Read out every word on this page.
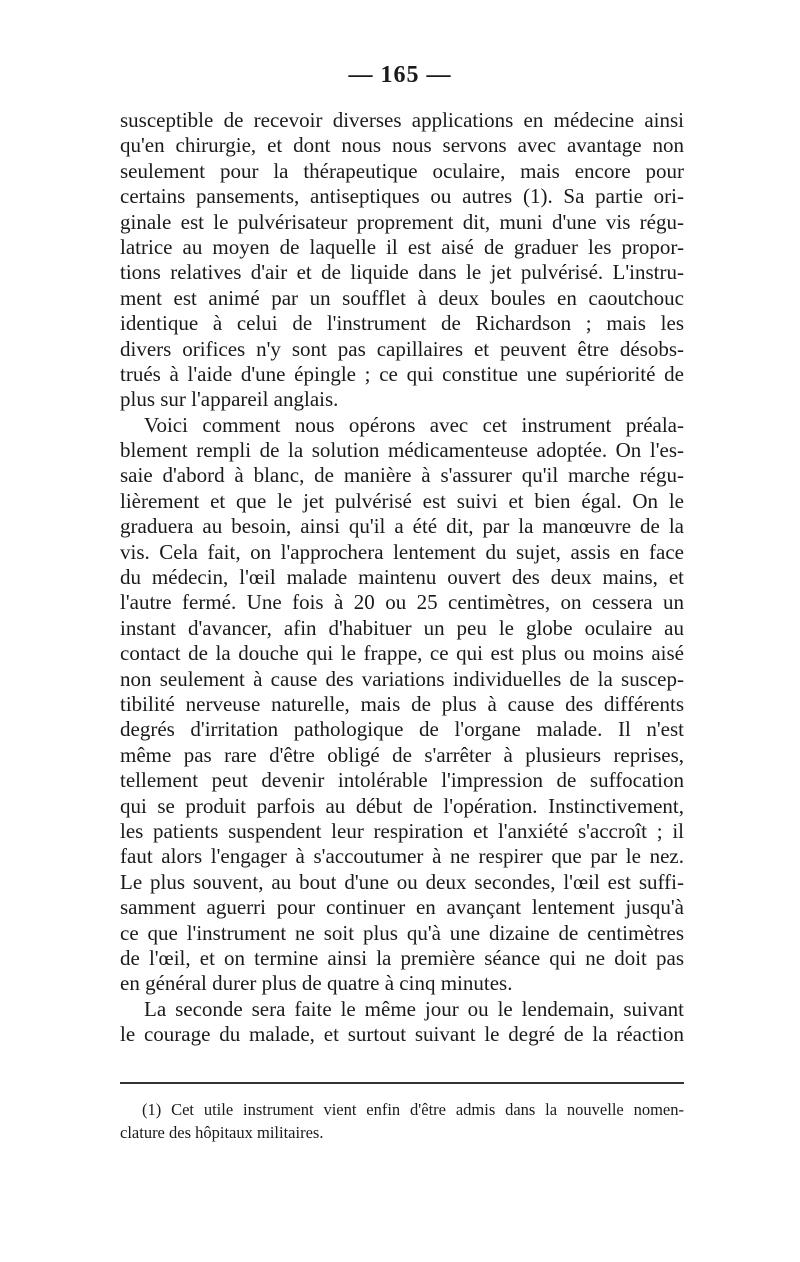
— 165 —
susceptible de recevoir diverses applications en médecine ainsi
qu'en chirurgie, et dont nous nous servons avec avantage non
seulement pour la thérapeutique oculaire, mais encore pour
certains pansements, antiseptiques ou autres (1). Sa partie ori-
ginale est le pulvérisateur proprement dit, muni d'une vis régu-
latrice au moyen de laquelle il est aisé de graduer les propor-
tions relatives d'air et de liquide dans le jet pulvérisé. L'instru-
ment est animé par un soufflet à deux boules en caoutchouc
identique à celui de l'instrument de Richardson ; mais les
divers orifices n'y sont pas capillaires et peuvent être désobs-
trués à l'aide d'une épingle ; ce qui constitue une supériorité de
plus sur l'appareil anglais.
Voici comment nous opérons avec cet instrument préala-
blement rempli de la solution médicamenteuse adoptée. On l'es-
saie d'abord à blanc, de manière à s'assurer qu'il marche régu-
lièrement et que le jet pulvérisé est suivi et bien égal. On le
graduera au besoin, ainsi qu'il a été dit, par la manœuvre de la
vis. Cela fait, on l'approchera lentement du sujet, assis en face
du médecin, l'œil malade maintenu ouvert des deux mains, et
l'autre fermé. Une fois à 20 ou 25 centimètres, on cessera un
instant d'avancer, afin d'habituer un peu le globe oculaire au
contact de la douche qui le frappe, ce qui est plus ou moins aisé
non seulement à cause des variations individuelles de la suscep-
tibilité nerveuse naturelle, mais de plus à cause des différents
degrés d'irritation pathologique de l'organe malade. Il n'est
même pas rare d'être obligé de s'arrêter à plusieurs reprises,
tellement peut devenir intolérable l'impression de suffocation
qui se produit parfois au début de l'opération. Instinctivement,
les patients suspendent leur respiration et l'anxiété s'accroît ; il
faut alors l'engager à s'accoutumer à ne respirer que par le nez.
Le plus souvent, au bout d'une ou deux secondes, l'œil est suffi-
samment aguerri pour continuer en avançant lentement jusqu'à
ce que l'instrument ne soit plus qu'à une dizaine de centimètres
de l'œil, et on termine ainsi la première séance qui ne doit pas
en général durer plus de quatre à cinq minutes.
La seconde sera faite le même jour ou le lendemain, suivant
le courage du malade, et surtout suivant le degré de la réaction
(1) Cet utile instrument vient enfin d'être admis dans la nouvelle nomen-
clature des hôpitaux militaires.
